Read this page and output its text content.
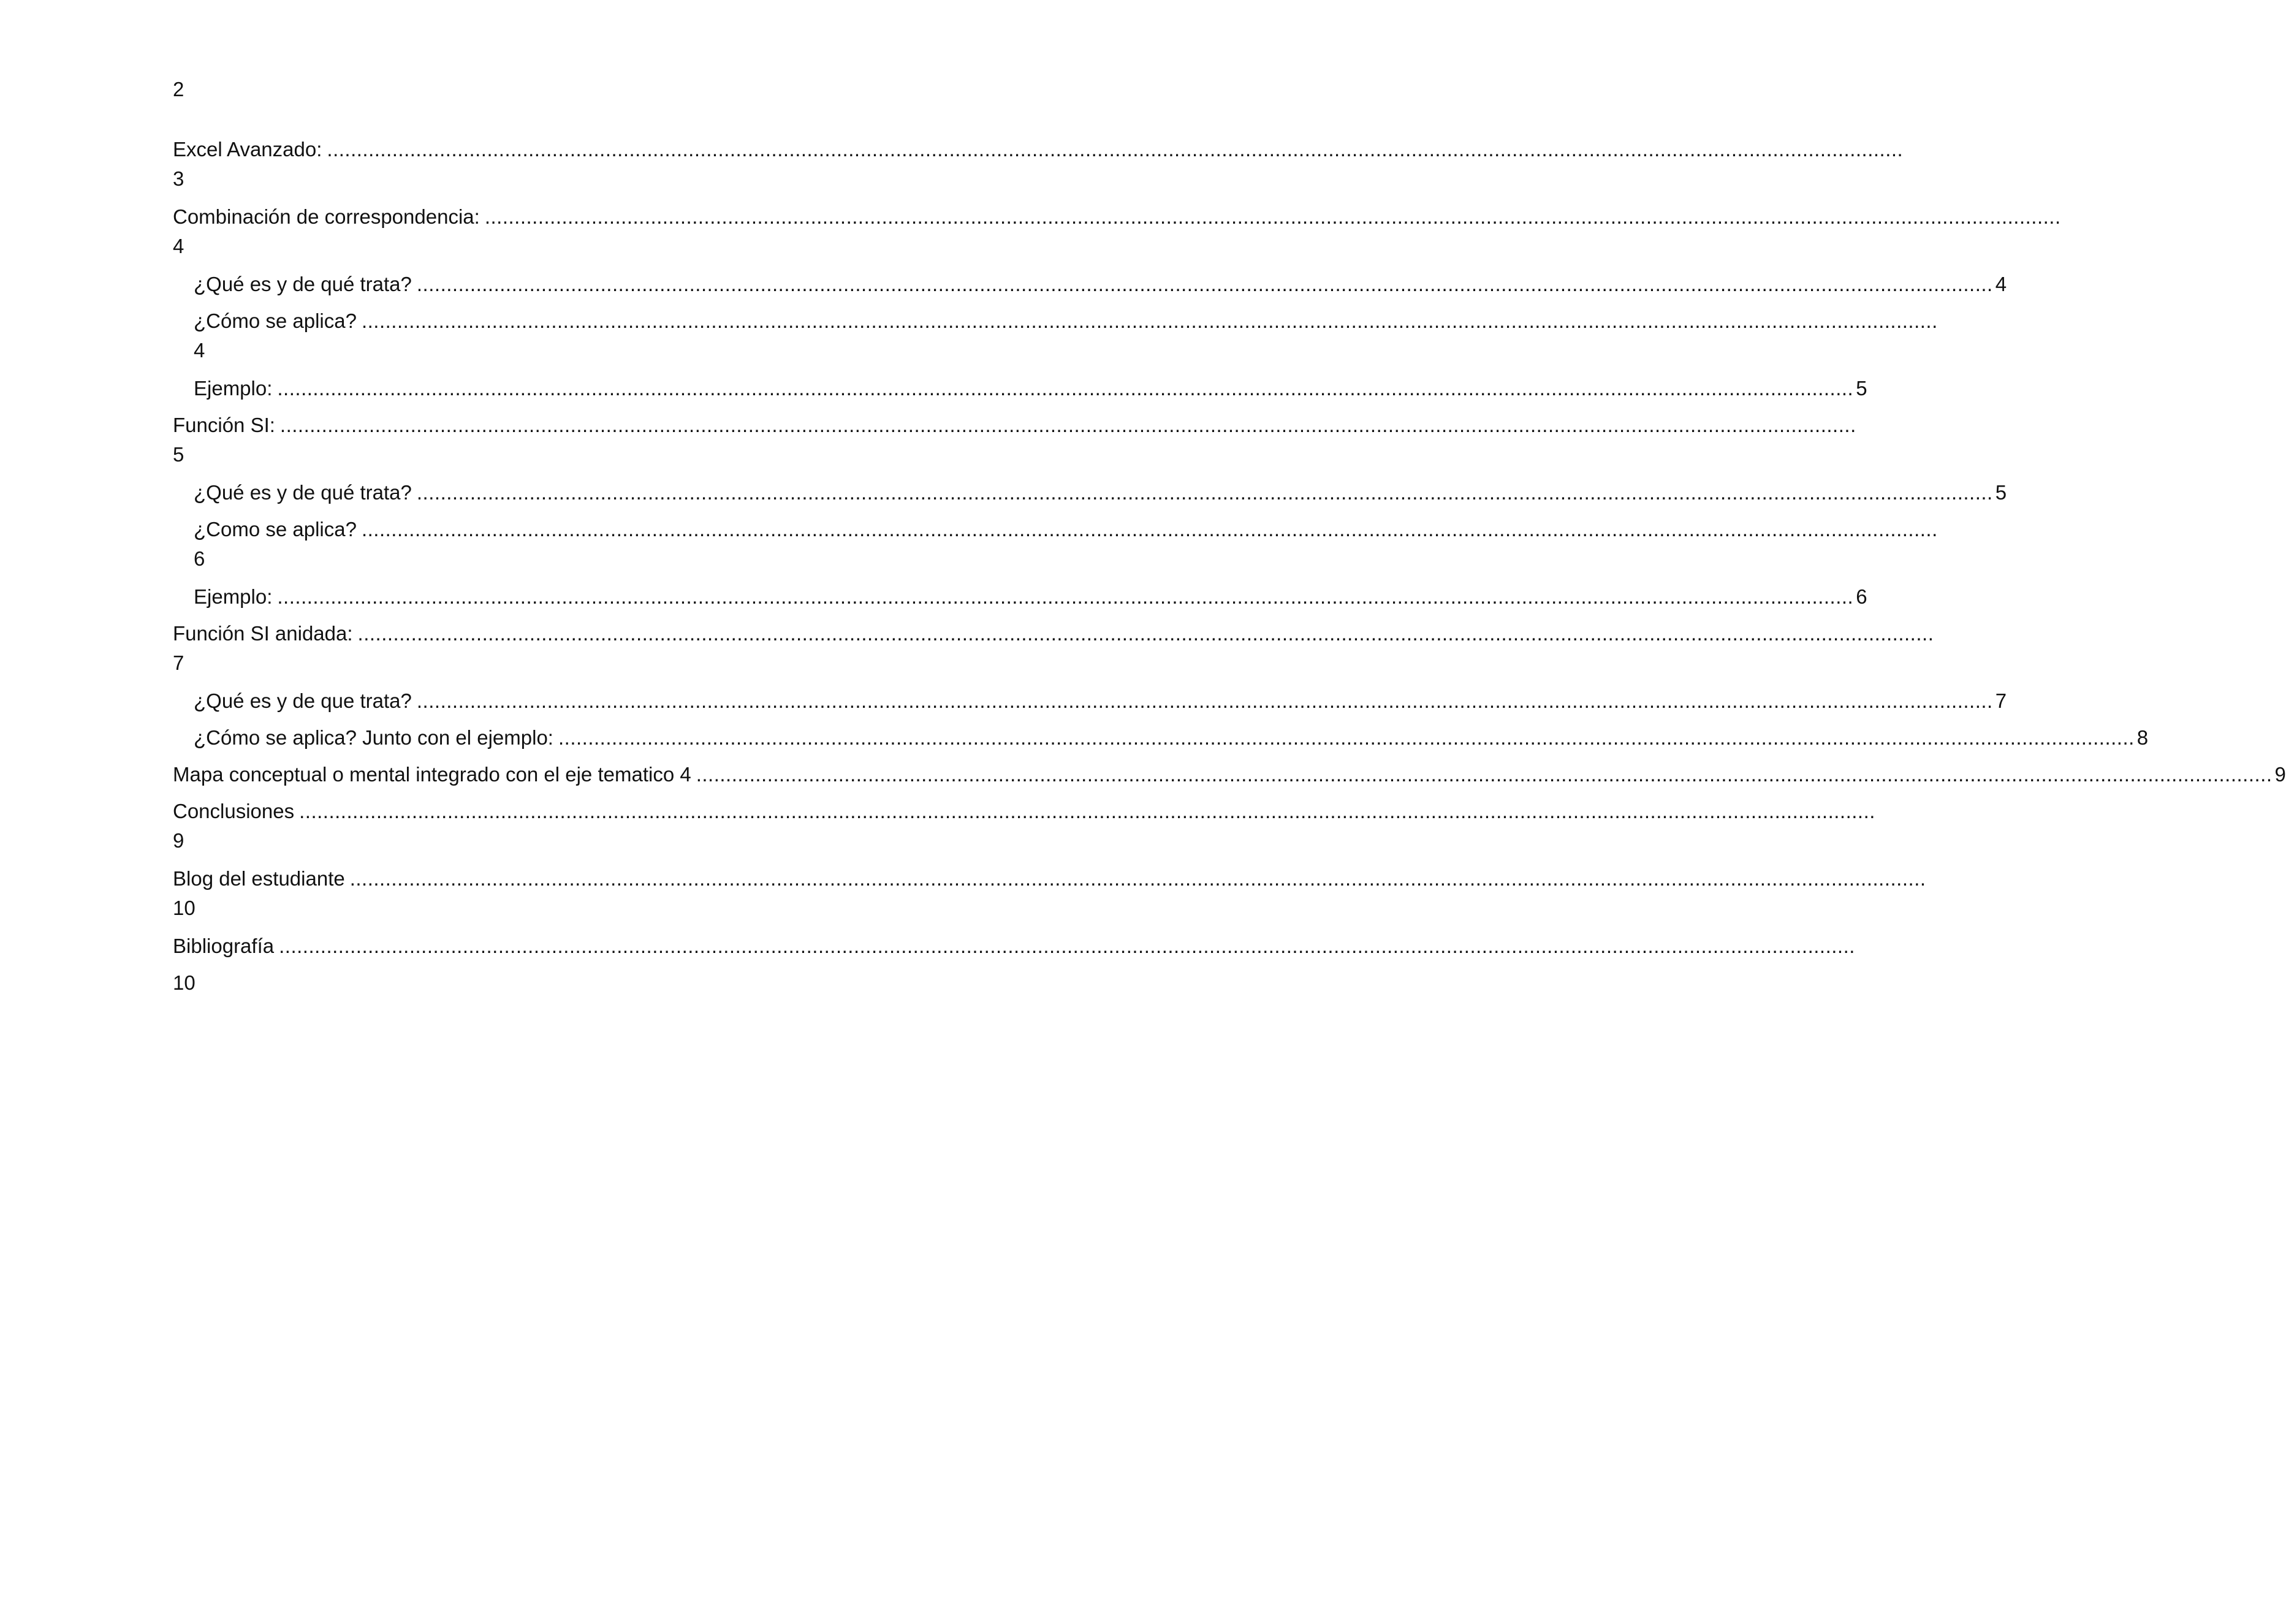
2
Excel Avanzado: ..........................................................................................................................................................................................................................................................................
3
Combinación de correspondencia: ..........................................................................................................................................................................................................................................................................
4
¿Qué es y de qué trata? .......................................................................................................................................................................................................................................................................... 4
¿Cómo se aplica? ..........................................................................................................................................................................................................................................................................
4
Ejemplo: .......................................................................................................................................................................................................................................................................... 5
Función SI: ..........................................................................................................................................................................................................................................................................
5
¿Qué es y de qué trata? .......................................................................................................................................................................................................................................................................... 5
¿Como se aplica? ..........................................................................................................................................................................................................................................................................
6
Ejemplo: .......................................................................................................................................................................................................................................................................... 6
Función SI anidada: ..........................................................................................................................................................................................................................................................................
7
¿Qué es y de que trata? .......................................................................................................................................................................................................................................................................... 7
¿Cómo se aplica? Junto con el ejemplo: .......................................................................................................................................................................................................................................................................... 8
Mapa conceptual o mental integrado con el eje tematico 4 .......................................................................................................................................................................................................................................................................... 9
Conclusiones ..........................................................................................................................................................................................................................................................................
9
Blog del estudiante ..........................................................................................................................................................................................................................................................................
10
Bibliografía ..........................................................................................................................................................................................................................................................................
10
